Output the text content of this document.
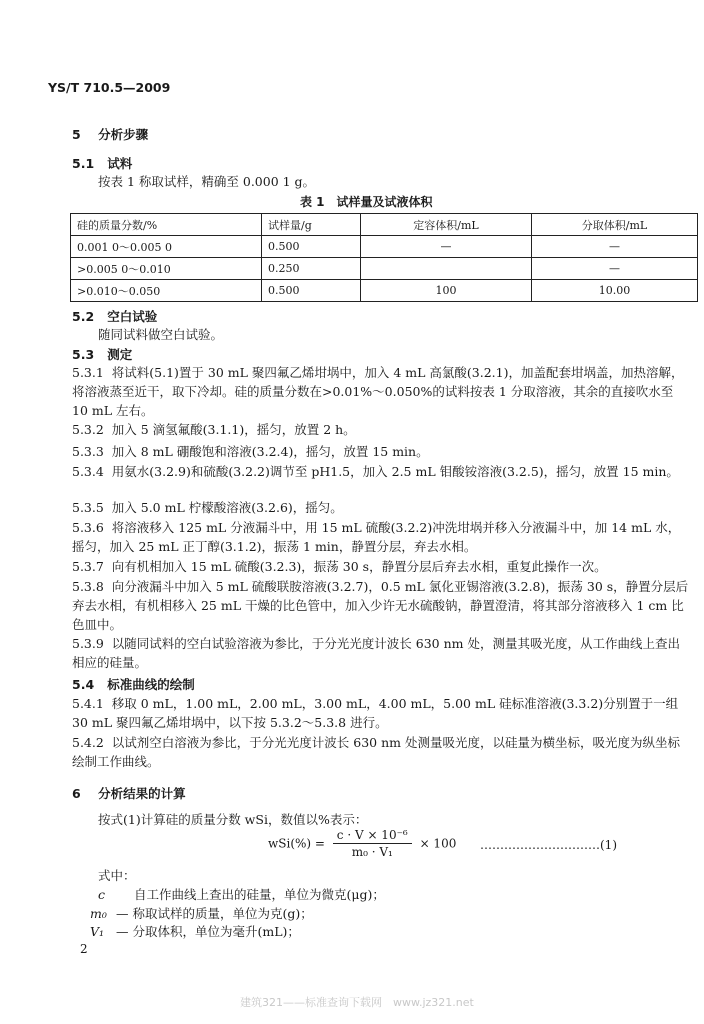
YS/T 710.5—2009
5 分析步骤
5.1 试料
按表 1 称取试样，精确至 0.000 1 g。
表 1　试样量及试液体积
硅的质量分数/%	试样量/g	定容体积/mL	分取体积/mL
0.001 0～0.005 0	0.500	—	—
>0.005 0～0.010	0.250		—
>0.010～0.050	0.500	100	10.00
5.2 空白试验
随同试料做空白试验。
5.3 测定
5.3.1 将试料(5.1)置于 30 mL 聚四氟乙烯坩埚中，加入 4 mL 高氯酸(3.2.1)，加盖配套坩埚盖，加热溶解，将溶液蒸至近干，取下冷却。硅的质量分数在>0.01%～0.050%的试料按表 1 分取溶液，其余的直接吹水至 10 mL 左右。
5.3.2 加入 5 滴氢氟酸(3.1.1)，摇匀，放置 2 h。
5.3.3 加入 8 mL 硼酸饱和溶液(3.2.4)，摇匀，放置 15 min。
5.3.4 用氨水(3.2.9)和硫酸(3.2.2)调节至 pH1.5，加入 2.5 mL 钼酸铵溶液(3.2.5)，摇匀，放置 15 min。
5.3.5 加入 5.0 mL 柠檬酸溶液(3.2.6)，摇匀。
5.3.6 将溶液移入 125 mL 分液漏斗中，用 15 mL 硫酸(3.2.2)冲洗坩埚并移入分液漏斗中，加 14 mL 水，摇匀，加入 25 mL 正丁醇(3.1.2)，振荡 1 min，静置分层，弃去水相。
5.3.7 向有机相加入 15 mL 硫酸(3.2.3)，振荡 30 s，静置分层后弃去水相，重复此操作一次。
5.3.8 向分液漏斗中加入 5 mL 硫酸联胺溶液(3.2.7)，0.5 mL 氯化亚锡溶液(3.2.8)，振荡 30 s，静置分层后弃去水相，有机相移入 25 mL 干燥的比色管中，加入少许无水硫酸钠，静置澄清，将其部分溶液移入 1 cm 比色皿中。
5.3.9 以随同试料的空白试验溶液为参比，于分光光度计波长 630 nm 处，测量其吸光度，从工作曲线上查出相应的硅量。
5.4 标准曲线的绘制
5.4.1 移取 0 mL，1.00 mL，2.00 mL，3.00 mL，4.00 mL，5.00 mL 硅标准溶液(3.3.2)分别置于一组 30 mL 聚四氟乙烯坩埚中，以下按 5.3.2～5.3.8 进行。
5.4.2 以试剂空白溶液为参比，于分光光度计波长 630 nm 处测量吸光度，以硅量为横坐标，吸光度为纵坐标绘制工作曲线。
6 分析结果的计算
按式(1)计算硅的质量分数 wSi，数值以%表示：
$wSi(\%) = \frac{\text{c · V × 10⁻⁶}}{\text{m₀ · V₁}} \times 100$ …………………………(1)
式中：
c 自工作曲线上查出的硅量，单位为微克(μg)；
m₀ — 称取试样的质量，单位为克(g)；
V₁ — 分取体积，单位为毫升(mL)；
2
建筑321——标准查询下载网　www.jz321.net
